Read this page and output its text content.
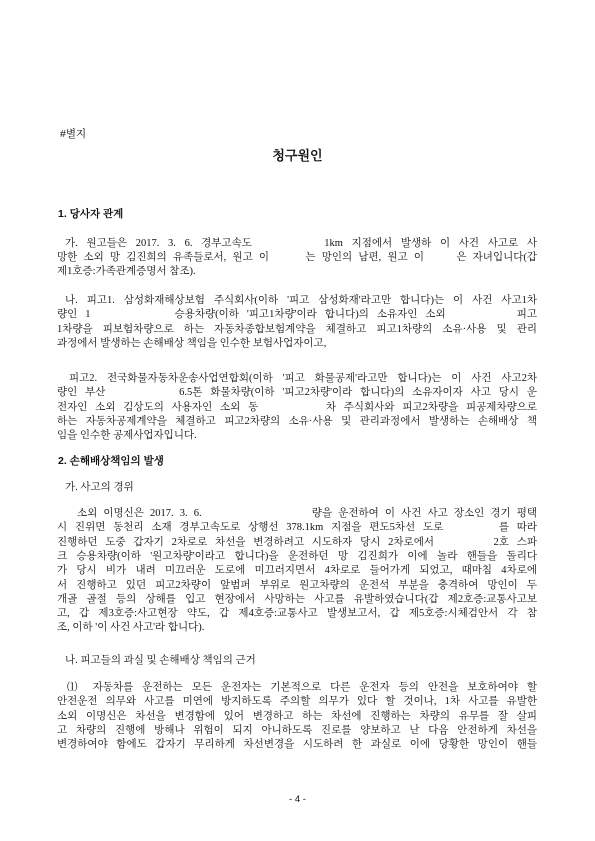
#별지
청구원인
1. 당사자 관계
가. 원고들은 2017. 3. 6. 경부고속도	1km 지점에서 발생하 이 사건 사고로 사
망한 소외 망 김진희의 유족들로서, 원고 이	는 망인의 남편, 원고 이	은 자녀입니다(갑
제1호증:가족관계증명서 참조).
나. 피고1. 삼성화재해상보험 주식회사(이하 '피고 삼성화재'라고만 합니다)는 이 사건 사고1차
량인 1	승용차량(이하 '피고1차량'이라 합니다)의 소유자인 소외	피고
1차량을 피보험차량으로 하는 자동차종합보험계약을 체결하고 피고1차량의 소유·사용 및 관리
과정에서 발생하는 손해배상 책임을 인수한 보험사업자이고,
피고2. 전국화물자동차운송사업연합회(이하 '피고 화물공제'라고만 합니다)는 이 사건 사고2차
량인 부산	6.5톤 화물차량(이하 '피고2차량'이라 합니다)의 소유자이자 사고 당시 운
전자인 소외 김상도의 사용자인 소외 동	차 주식회사와 피고2차량을 피공제차량으로
하는 자동차공제계약을 체결하고 피고2차량의 소유·사용 및 관리과정에서 발생하는 손해배상 책
임을 인수한 공제사업자입니다.
2. 손해배상책임의 발생
가. 사고의 경위
소외 이명신은 2017. 3. 6.	량을 운전하여 이 사건 사고 장소인 경기 평택
시 진위면 동천리 소재 경부고속도로 상행선 378.1km 지점을 편도5차선 도로	를 따라
진행하던 도중 갑자기 2차로로 차선을 변경하려고 시도하자 당시 2차로에서	2호 스파
크 승용차량(이하 '원고차량'이라고 합니다)을 운전하던 망 김진희가 이에 놀라 핸들을 돌리다
가 당시 비가 내려 미끄러운 도로에 미끄러지면서 4차로로 들어가게 되었고, 때마침 4차로에
서 진행하고 있던 피고2차량이 앞범퍼 부위로 원고차량의 운전석 부분을 충격하여 망인이 두
개골 골절 등의 상해를 입고 현장에서 사망하는 사고를 유발하였습니다(갑 제2호증:교통사고보
고, 갑 제3호증:사고현장 약도, 갑 제4호증:교통사고 발생보고서, 갑 제5호증:시체검안서 각 참
조, 이하 '이 사건 사고'라 합니다).
나. 피고들의 과실 및 손해배상 책임의 근거
⑴ 자동차를 운전하는 모든 운전자는 기본적으로 다른 운전자 등의 안전을 보호하여야 할
안전운전 의무와 사고를 미연에 방지하도록 주의할 의무가 있다 할 것이나, 1차 사고를 유발한
소외 이명신은 차선을 변경함에 있어 변경하고 하는 차선에 진행하는 차량의 유무를 잘 살피
고 차량의 진행에 방해나 위험이 되지 아니하도록 진로를 양보하고 난 다음 안전하게 차선을
변경하여야 함에도 갑자기 무리하게 차선변경을 시도하려 한 과실로 이에 당황한 망인이 핸들
- 4 -
